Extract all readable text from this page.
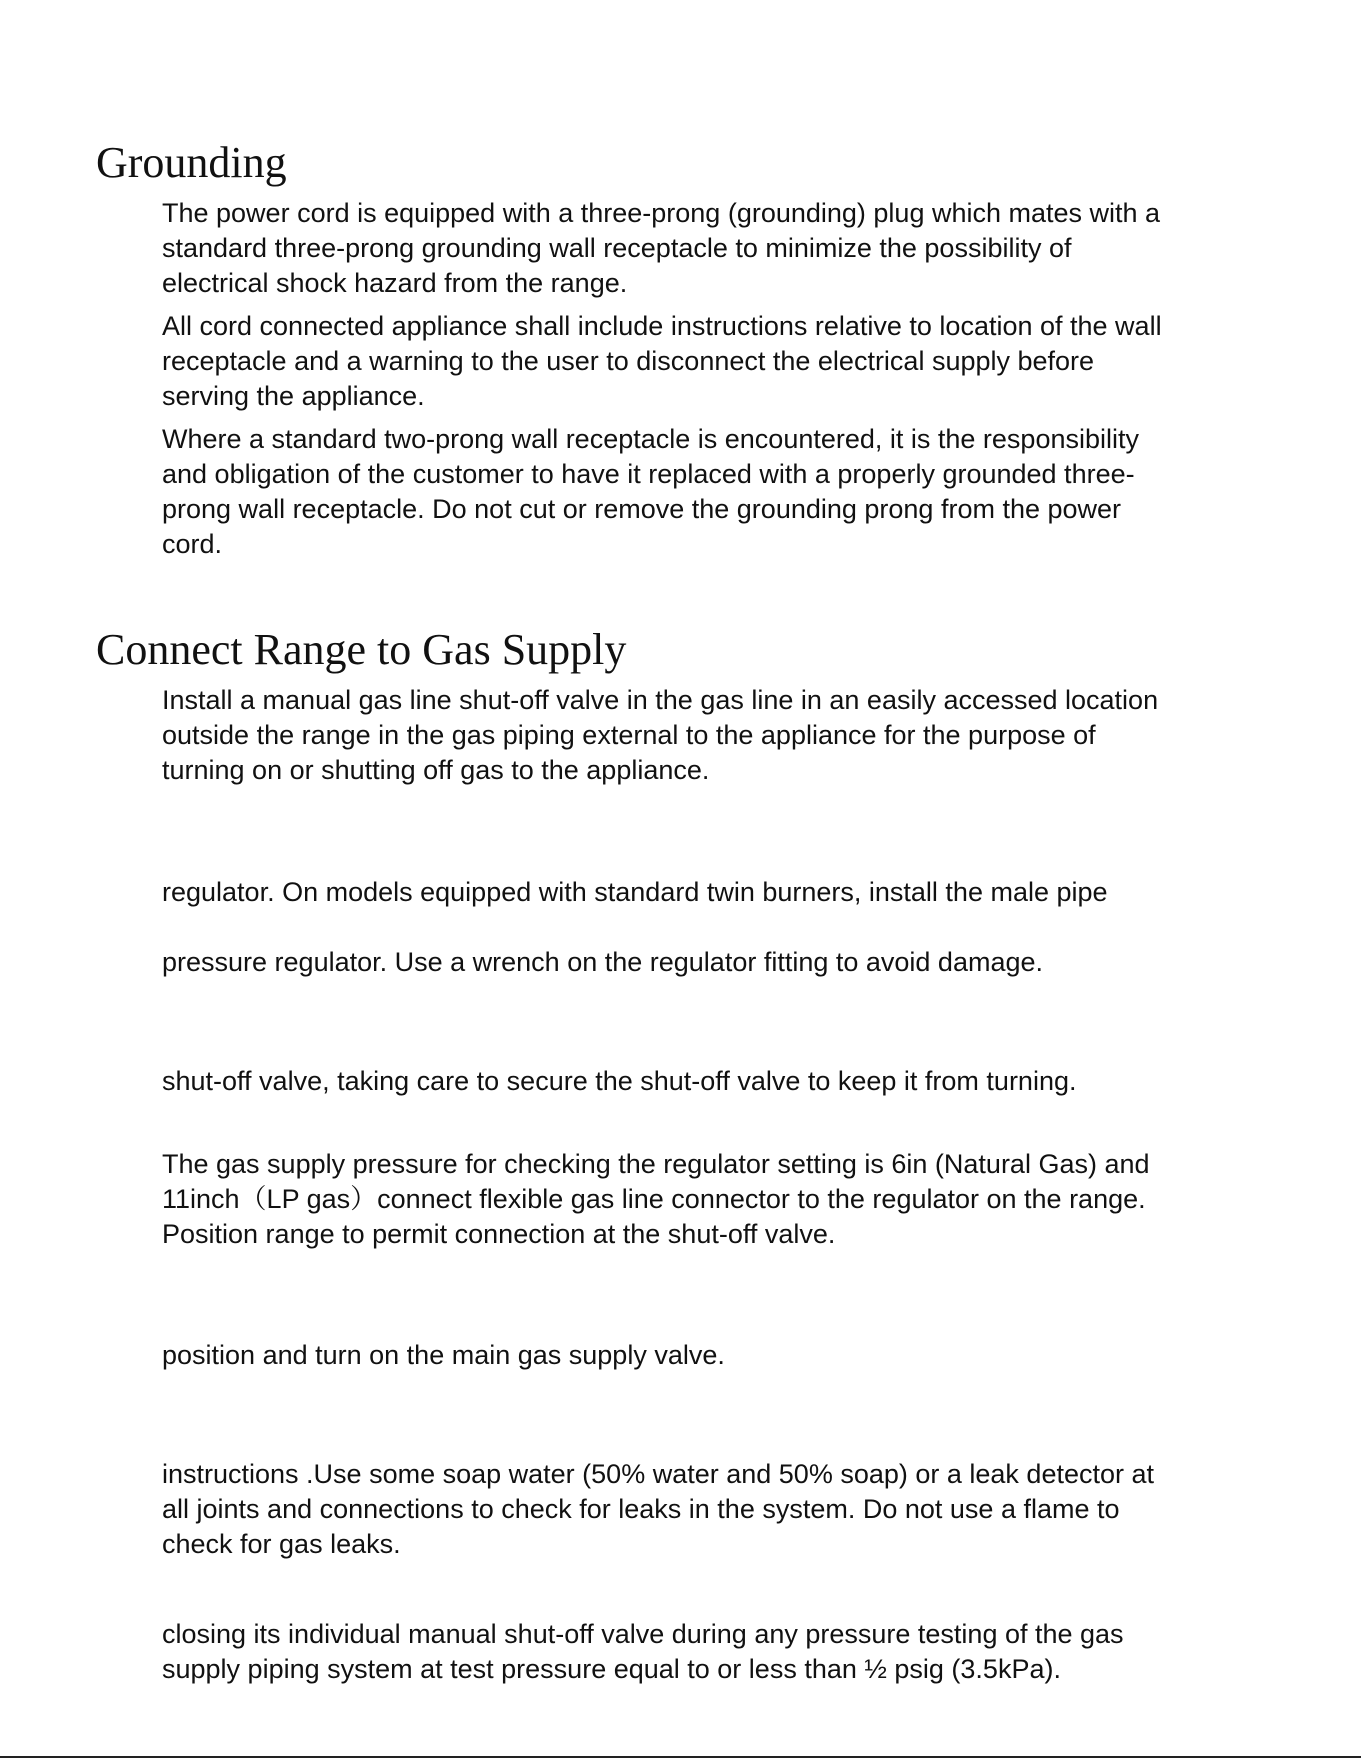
Grounding
The power cord is equipped with a three-prong (grounding) plug which mates with a
standard three-prong grounding wall receptacle to minimize the possibility of
electrical shock hazard from the range.
All cord connected appliance shall include instructions relative to location of the wall
receptacle and a warning to the user to disconnect the electrical supply before
serving the appliance.
Where a standard two-prong wall receptacle is encountered, it is the responsibility
and obligation of the customer to have it replaced with a properly grounded three-
prong wall receptacle. Do not cut or remove the grounding prong from the power
cord.
Connect Range to Gas Supply
Install a manual gas line shut-off valve in the gas line in an easily accessed location
outside the range in the gas piping external to the appliance for the purpose of
turning on or shutting off gas to the appliance.
regulator. On models equipped with standard twin burners, install the male pipe
pressure regulator. Use a wrench on the regulator fitting to avoid damage.
shut-off valve, taking care to secure the shut-off valve to keep it from turning.
The gas supply pressure for checking the regulator setting is 6in (Natural Gas) and
11inch（LP gas）connect flexible gas line connector to the regulator on the range.
Position range to permit connection at the shut-off valve.
position and turn on the main gas supply valve.
instructions .Use some soap water (50% water and 50% soap) or a leak detector at
all joints and connections to check for leaks in the system. Do not use a flame to
check for gas leaks.
closing its individual manual shut-off valve during any pressure testing of the gas
supply piping system at test pressure equal to or less than ½ psig (3.5kPa).
